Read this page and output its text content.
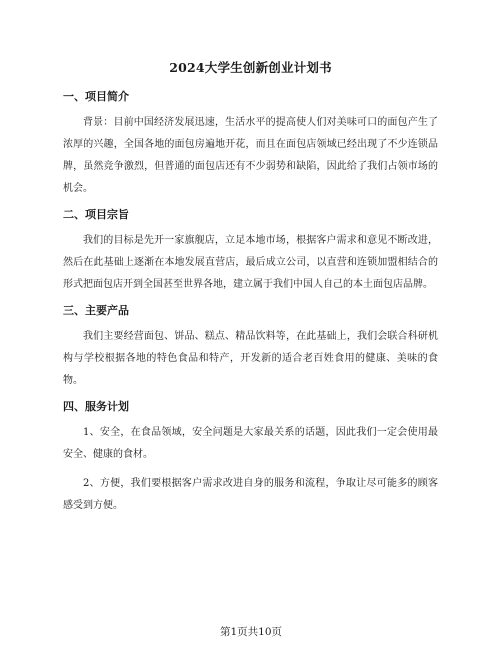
2024大学生创新创业计划书
一、项目简介

背景：目前中国经济发展迅速，生活水平的提高使人们对美味可口的面包产生了浓厚的兴趣，全国各地的面包房遍地开花，而且在面包店领域已经出现了不少连锁品牌，虽然竞争激烈，但普通的面包店还有不少弱势和缺陷，因此给了我们占领市场的机会。

二、项目宗旨

我们的目标是先开一家旗舰店，立足本地市场，根据客户需求和意见不断改进，然后在此基础上逐渐在本地发展直营店，最后成立公司，以直营和连锁加盟相结合的形式把面包店开到全国甚至世界各地，建立属于我们中国人自己的本土面包店品牌。

三、主要产品

我们主要经营面包、饼品、糕点、精品饮料等，在此基础上，我们会联合科研机构与学校根据各地的特色食品和特产，开发新的适合老百姓食用的健康、美味的食物。

四、服务计划

1、安全，在食品领域，安全问题是大家最关系的话题，因此我们一定会使用最安全、健康的食材。

2、方便，我们要根据客户需求改进自身的服务和流程，争取让尽可能多的顾客感受到方便。

第1页共10页
